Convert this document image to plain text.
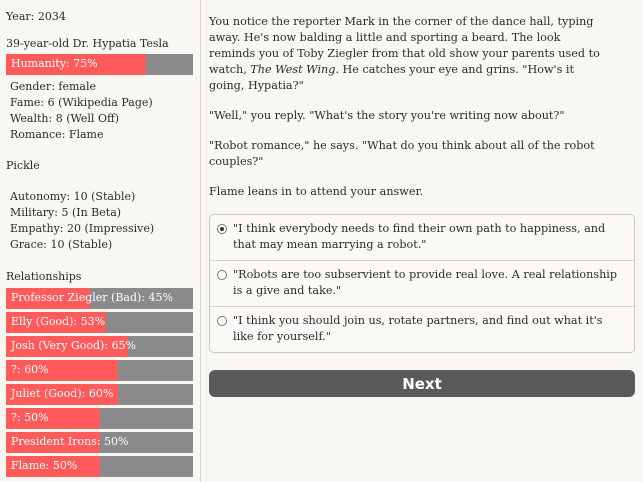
Year: 2034
39-year-old Dr. Hypatia Tesla
Humanity: 75%
Gender: female
Fame: 6 (Wikipedia Page)
Wealth: 8 (Well Off)
Romance: Flame
Pickle
Autonomy: 10 (Stable)
Military: 5 (In Beta)
Empathy: 20 (Impressive)
Grace: 10 (Stable)
Relationships
Professor Ziegler (Bad): 45%
Elly (Good): 53%
Josh (Very Good): 65%
?: 60%
Juliet (Good): 60%
?: 50%
President Irons: 50%
Flame: 50%

You notice the reporter Mark in the corner of the dance hall, typing away. He's now balding a little and sporting a beard. The look reminds you of Toby Ziegler from that old show your parents used to watch, The West Wing. He catches your eye and grins. "How's it going, Hypatia?"

"Well," you reply. "What's the story you're writing now about?"

"Robot romance," he says. "What do you think about all of the robot couples?"

Flame leans in to attend your answer.

"I think everybody needs to find their own path to happiness, and that may mean marrying a robot."
"Robots are too subservient to provide real love. A real relationship is a give and take."
"I think you should join us, rotate partners, and find out what it's like for yourself."
Next
